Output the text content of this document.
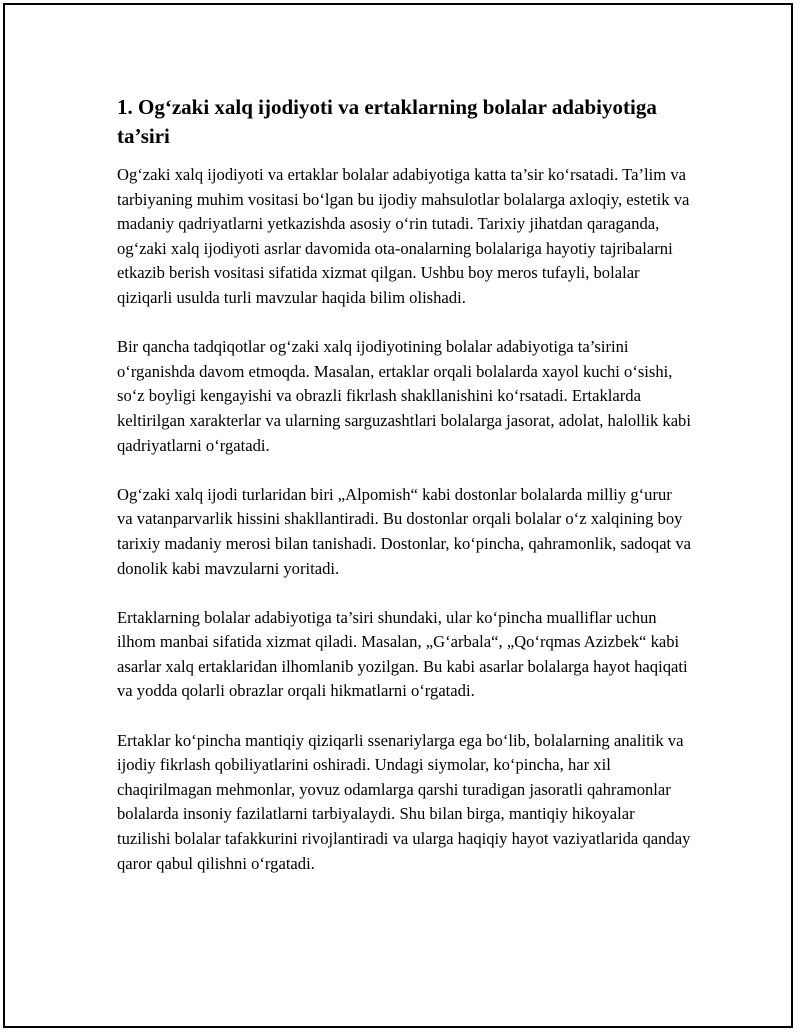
1. Og‘zaki xalq ijodiyoti va ertaklarning bolalar adabiyotiga ta’siri

Og‘zaki xalq ijodiyoti va ertaklar bolalar adabiyotiga katta ta’sir ko‘rsatadi. Ta’lim va tarbiyaning muhim vositasi bo‘lgan bu ijodiy mahsulotlar bolalarga axloqiy, estetik va madaniy qadriyatlarni yetkazishda asosiy o‘rin tutadi. Tarixiy jihatdan qaraganda, og‘zaki xalq ijodiyoti asrlar davomida ota-onalarning bolalariga hayotiy tajribalarni etkazib berish vositasi sifatida xizmat qilgan. Ushbu boy meros tufayli, bolalar qiziqarli usulda turli mavzular haqida bilim olishadi.

Bir qancha tadqiqotlar og‘zaki xalq ijodiyotining bolalar adabiyotiga ta’sirini o‘rganishda davom etmoqda. Masalan, ertaklar orqali bolalarda xayol kuchi o‘sishi, so‘z boyligi kengayishi va obrazli fikrlash shakllanishini ko‘rsatadi. Ertaklarda keltirilgan xarakterlar va ularning sarguzashtlari bolalarga jasorat, adolat, halollik kabi qadriyatlarni o‘rgatadi.

Og‘zaki xalq ijodi turlaridan biri „Alpomish“ kabi dostonlar bolalarda milliy g‘urur va vatanparvarlik hissini shakllantiradi. Bu dostonlar orqali bolalar o‘z xalqining boy tarixiy madaniy merosi bilan tanishadi. Dostonlar, ko‘pincha, qahramonlik, sadoqat va donolik kabi mavzularni yoritadi.

Ertaklarning bolalar adabiyotiga ta’siri shundaki, ular ko‘pincha mualliflar uchun ilhom manbai sifatida xizmat qiladi. Masalan, „G‘arbala“, „Qo‘rqmas Azizbek“ kabi asarlar xalq ertaklaridan ilhomlanib yozilgan. Bu kabi asarlar bolalarga hayot haqiqati va yodda qolarli obrazlar orqali hikmatlarni o‘rgatadi.

Ertaklar ko‘pincha mantiqiy qiziqarli ssenariylarga ega bo‘lib, bolalarning analitik va ijodiy fikrlash qobiliyatlarini oshiradi. Undagi siymolar, ko‘pincha, har xil chaqirilmagan mehmonlar, yovuz odamlarga qarshi turadigan jasoratli qahramonlar bolalarda insoniy fazilatlarni tarbiyalaydi. Shu bilan birga, mantiqiy hikoyalar tuzilishi bolalar tafakkurini rivojlantiradi va ularga haqiqiy hayot vaziyatlarida qanday qaror qabul qilishni o‘rgatadi.
